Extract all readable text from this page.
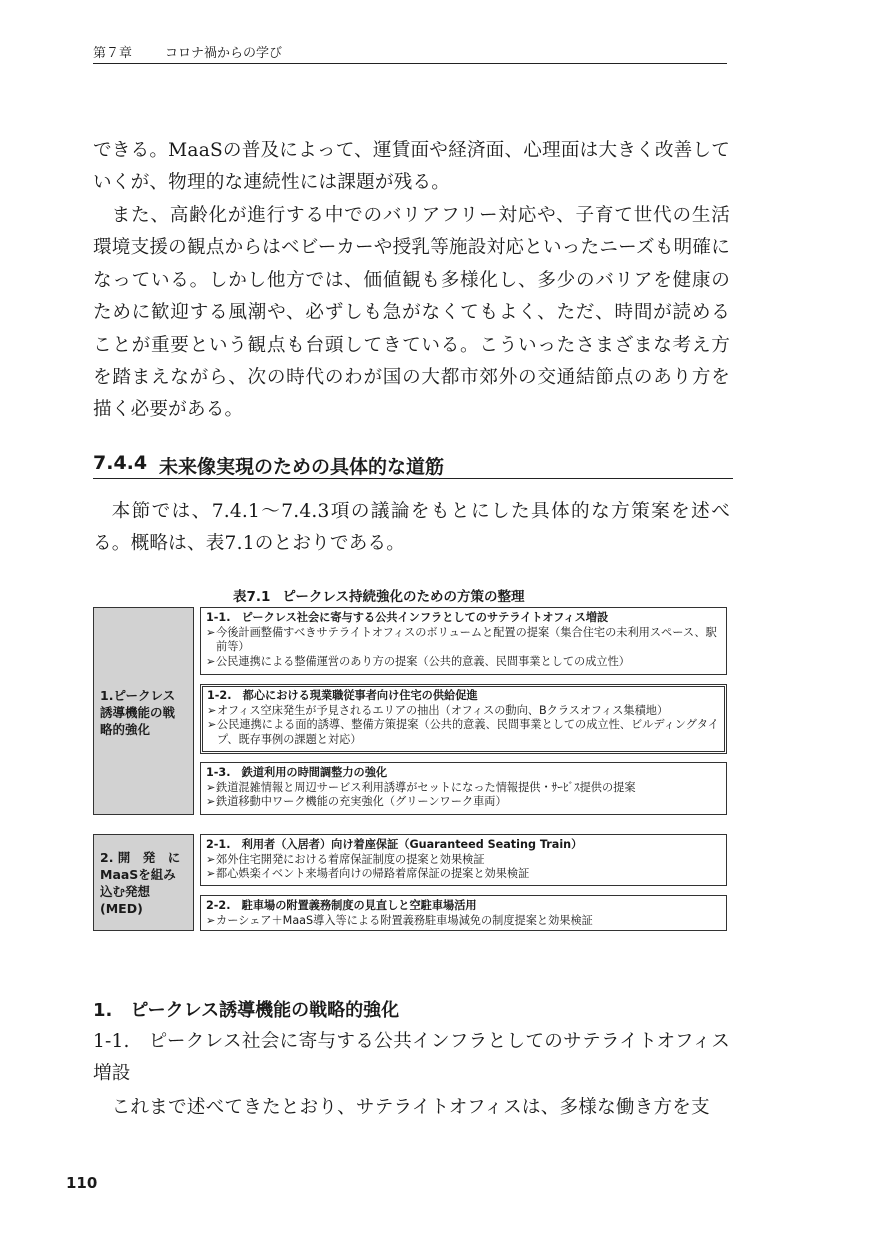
第７章	コロナ禍からの学び

できる。MaaSの普及によって、運賃面や経済面、心理面は大きく改善していくが、物理的な連続性には課題が残る。

また、高齢化が進行する中でのバリアフリー対応や、子育て世代の生活環境支援の観点からはベビーカーや授乳等施設対応といったニーズも明確になっている。しかし他方では、価値観も多様化し、多少のバリアを健康のために歓迎する風潮や、必ずしも急がなくてもよく、ただ、時間が読めることが重要という観点も台頭してきている。こういったさまざまな考え方を踏まえながら、次の時代のわが国の大都市郊外の交通結節点のあり方を描く必要がある。

7.4.4 未来像実現のための具体的な道筋

本節では、7.4.1～7.4.3項の議論をもとにした具体的な方策案を述べる。概略は、表7.1のとおりである。

表7.1 ピークレス持続強化のための方策の整理
1.ピークレス
誘導機能の戦
略的強化
1-1.　ピークレス社会に寄与する公共インフラとしてのサテライトオフィス増設
➢ 今後計画整備すべきサテライトオフィスのボリュームと配置の提案（集合住宅の未利用スペース、駅前等）
➢ 公民連携による整備運営のあり方の提案（公共的意義、民間事業としての成立性）
1-2.　都心における現業職従事者向け住宅の供給促進
➢ オフィス空床発生が予見されるエリアの抽出（オフィスの動向、Bクラスオフィス集積地）
➢ 公民連携による面的誘導、整備方策提案（公共的意義、民間事業としての成立性、ビルディングタイプ、既存事例の課題と対応）
1-3.　鉄道利用の時間調整力の強化
➢ 鉄道混雑情報と周辺サービス利用誘導がセットになった情報提供・ｻｰﾋﾞｽ提供の提案
➢ 鉄道移動中ワーク機能の充実強化（グリーンワーク車両）
2. 開　発　に
MaaSを組み
込む発想
(MED)
2-1.　利用者（入居者）向け着座保証（Guaranteed Seating Train）
➢ 郊外住宅開発における着席保証制度の提案と効果検証
➢ 都心娯楽イベント来場者向けの帰路着席保証の提案と効果検証
2-2.　駐車場の附置義務制度の見直しと空駐車場活用
➢ カーシェア＋MaaS導入等による附置義務駐車場減免の制度提案と効果検証
1. ピークレス誘導機能の戦略的強化

1-1.　 ピークレス社会に寄与する公共インフラとしてのサテライトオフィス増設

これまで述べてきたとおり、サテライトオフィスは、多様な働き方を支

110
